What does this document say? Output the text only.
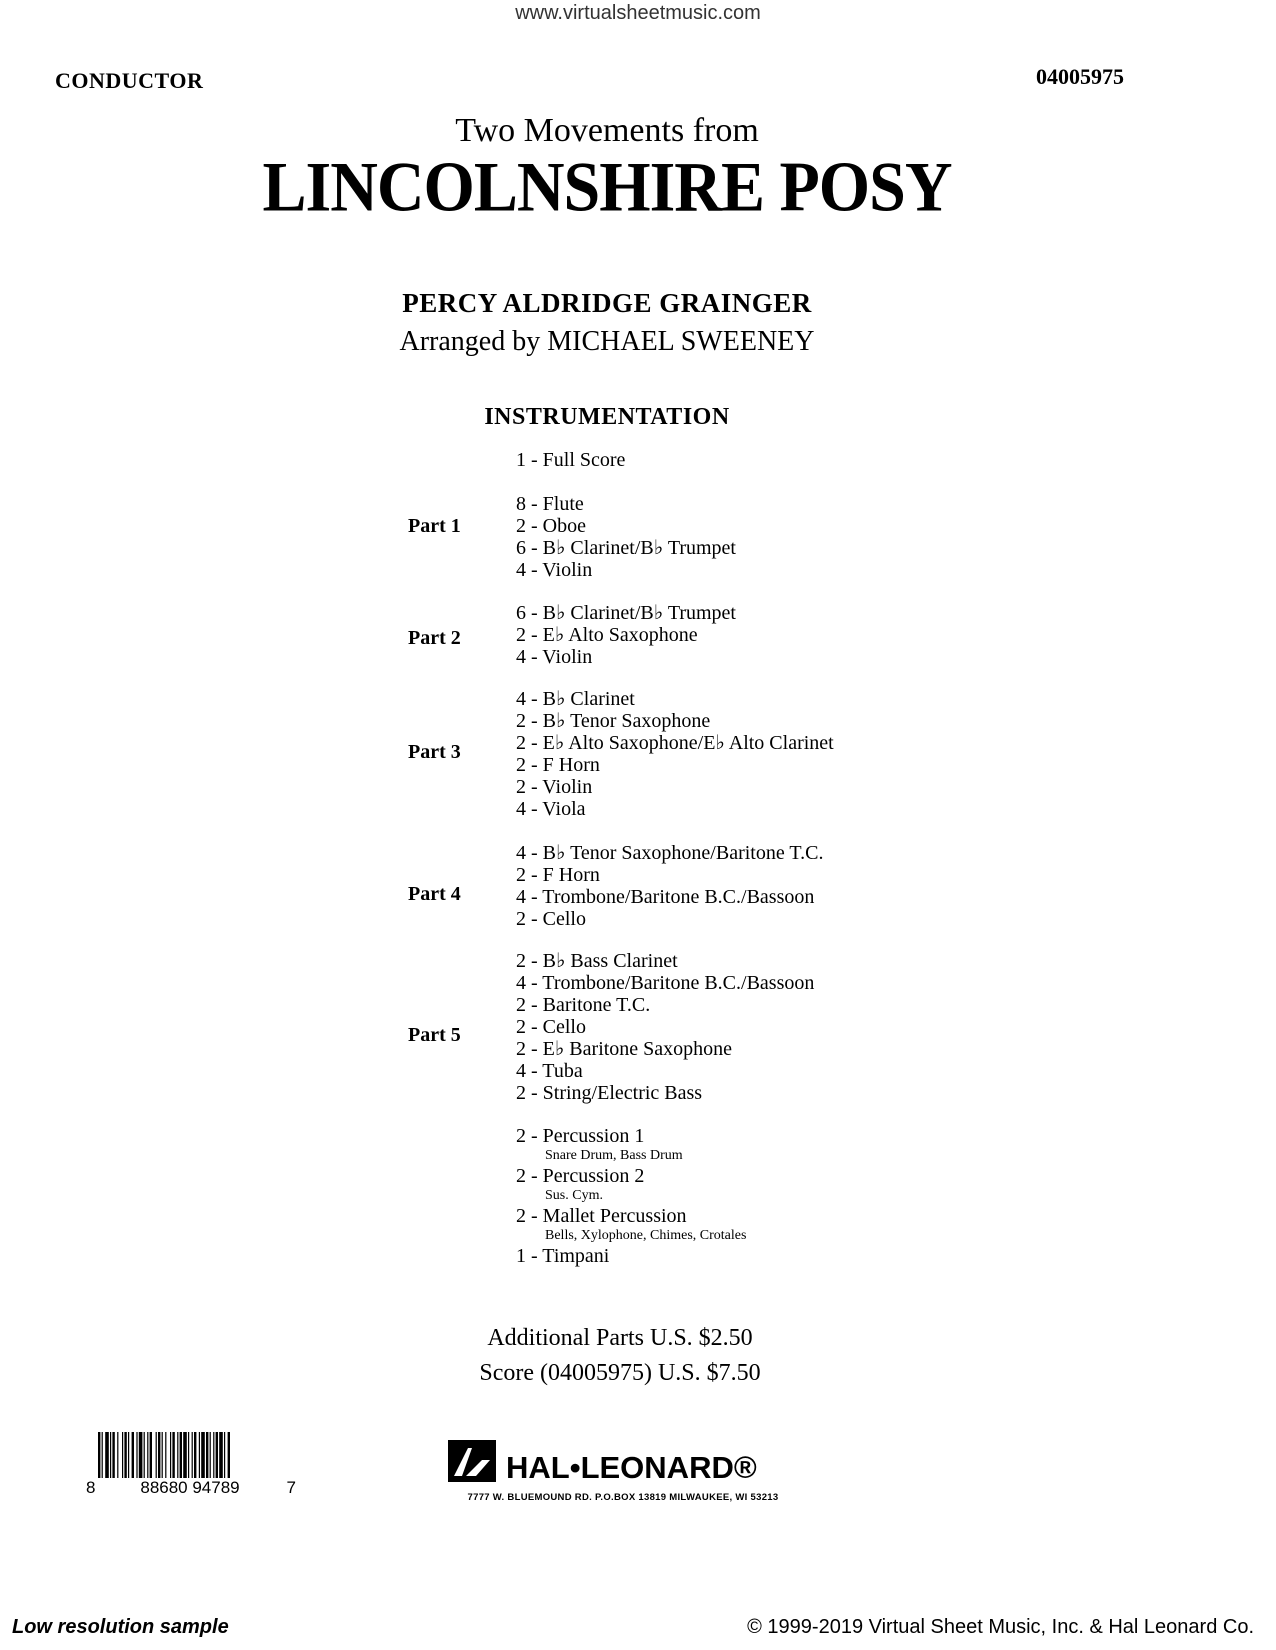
www.virtualsheetmusic.com
CONDUCTOR	04005975
Two Movements from
LINCOLNSHIRE POSY
PERCY ALDRIDGE GRAINGER
Arranged by MICHAEL SWEENEY
INSTRUMENTATION
1 - Full Score
Part 1
8 - Flute
2 - Oboe
6 - B♭ Clarinet/B♭ Trumpet
4 - Violin
Part 2
6 - B♭ Clarinet/B♭ Trumpet
2 - E♭ Alto Saxophone
4 - Violin
Part 3
4 - B♭ Clarinet
2 - B♭ Tenor Saxophone
2 - E♭ Alto Saxophone/E♭ Alto Clarinet
2 - F Horn
2 - Violin
4 - Viola
Part 4
4 - B♭ Tenor Saxophone/Baritone T.C.
2 - F Horn
4 - Trombone/Baritone B.C./Bassoon
2 - Cello
Part 5
2 - B♭ Bass Clarinet
4 - Trombone/Baritone B.C./Bassoon
2 - Baritone T.C.
2 - Cello
2 - E♭ Baritone Saxophone
4 - Tuba
2 - String/Electric Bass
2 - Percussion 1
Snare Drum, Bass Drum
2 - Percussion 2
Sus. Cym.
2 - Mallet Percussion
Bells, Xylophone, Chimes, Crotales
1 - Timpani
Additional Parts U.S. $2.50
Score (04005975) U.S. $7.50
8	88680 94789	7
HAL•LEONARD®
7777 W. BLUEMOUND RD. P.O.BOX 13819 MILWAUKEE, WI 53213
Low resolution sample	© 1999-2019 Virtual Sheet Music, Inc. & Hal Leonard Co.
